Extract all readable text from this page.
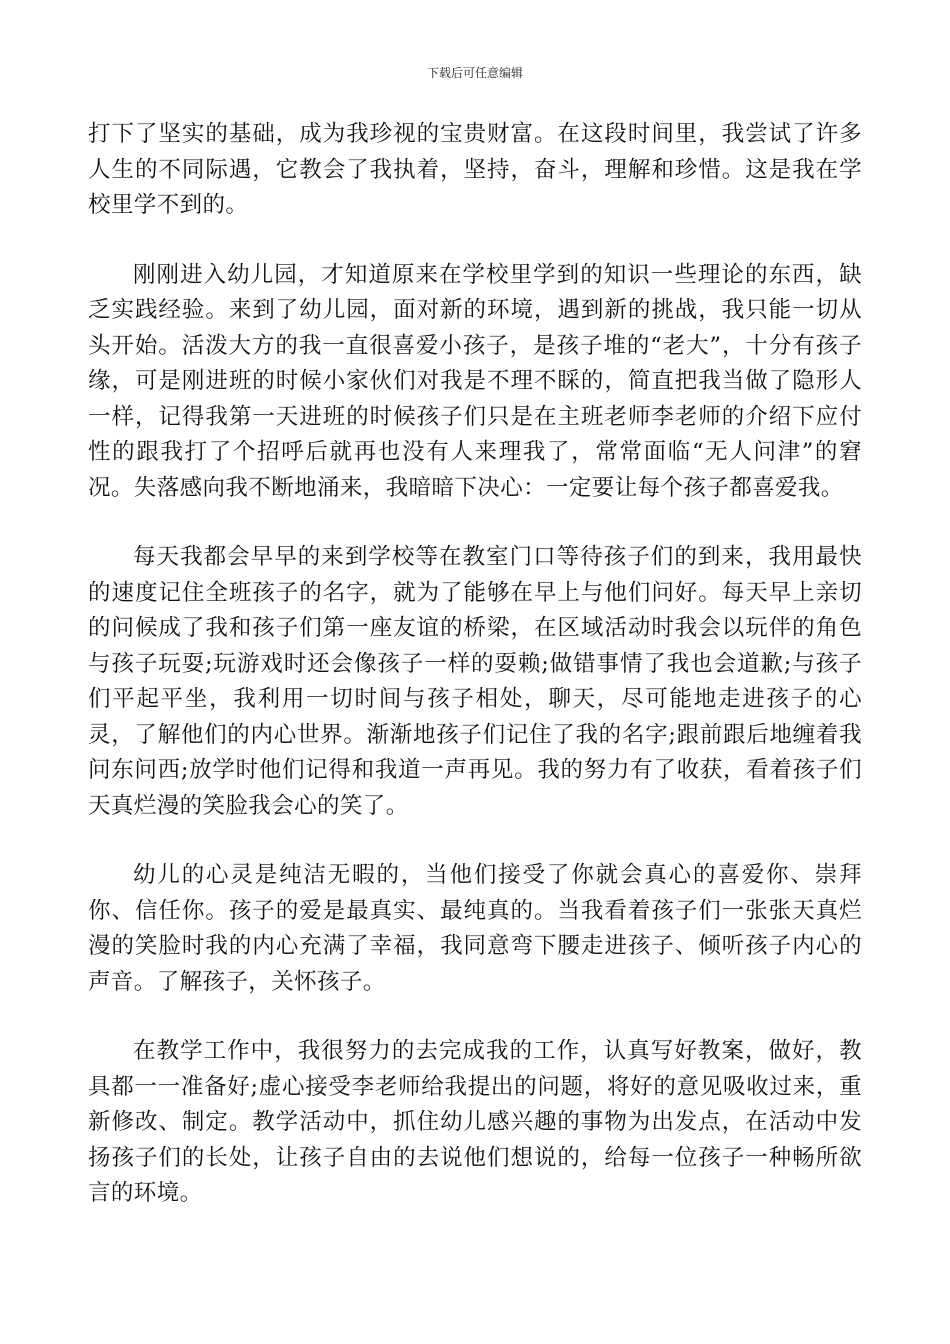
下载后可任意编辑

打下了坚实的基础，成为我珍视的宝贵财富。在这段时间里，我尝试了许多人生的不同际遇，它教会了我执着，坚持，奋斗，理解和珍惜。这是我在学校里学不到的。

刚刚进入幼儿园，才知道原来在学校里学到的知识一些理论的东西，缺乏实践经验。来到了幼儿园，面对新的环境，遇到新的挑战，我只能一切从头开始。活泼大方的我一直很喜爱小孩子，是孩子堆的“老大”，十分有孩子缘，可是刚进班的时候小家伙们对我是不理不睬的，简直把我当做了隐形人一样，记得我第一天进班的时候孩子们只是在主班老师李老师的介绍下应付性的跟我打了个招呼后就再也没有人来理我了，常常面临“无人问津”的窘况。失落感向我不断地涌来，我暗暗下决心：一定要让每个孩子都喜爱我。

每天我都会早早的来到学校等在教室门口等待孩子们的到来，我用最快的速度记住全班孩子的名字，就为了能够在早上与他们问好。每天早上亲切的问候成了我和孩子们第一座友谊的桥梁，在区域活动时我会以玩伴的角色与孩子玩耍;玩游戏时还会像孩子一样的耍赖;做错事情了我也会道歉;与孩子们平起平坐，我利用一切时间与孩子相处，聊天，尽可能地走进孩子的心灵，了解他们的内心世界。渐渐地孩子们记住了我的名字;跟前跟后地缠着我问东问西;放学时他们记得和我道一声再见。我的努力有了收获，看着孩子们天真烂漫的笑脸我会心的笑了。

幼儿的心灵是纯洁无暇的，当他们接受了你就会真心的喜爱你、崇拜你、信任你。孩子的爱是最真实、最纯真的。当我看着孩子们一张张天真烂漫的笑脸时我的内心充满了幸福，我同意弯下腰走进孩子、倾听孩子内心的声音。了解孩子，关怀孩子。

在教学工作中，我很努力的去完成我的工作，认真写好教案，做好，教具都一一准备好;虚心接受李老师给我提出的问题，将好的意见吸收过来，重新修改、制定。教学活动中，抓住幼儿感兴趣的事物为出发点，在活动中发扬孩子们的长处，让孩子自由的去说他们想说的，给每一位孩子一种畅所欲言的环境。
